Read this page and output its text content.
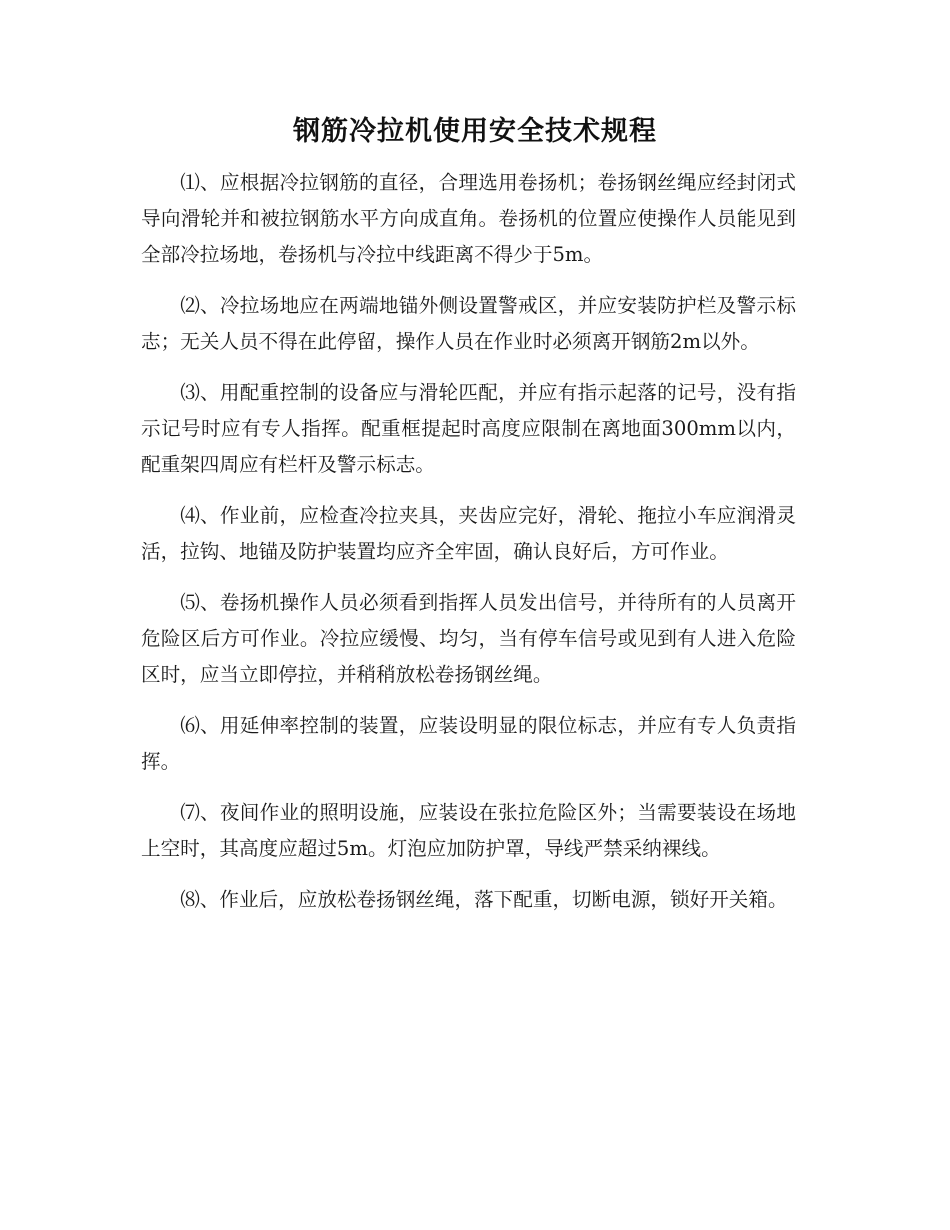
钢筋冷拉机使用安全技术规程

⑴、应根据冷拉钢筋的直径，合理选用卷扬机；卷扬钢丝绳应经封闭式导向滑轮并和被拉钢筋水平方向成直角。卷扬机的位置应使操作人员能见到全部冷拉场地，卷扬机与冷拉中线距离不得少于5m。

⑵、冷拉场地应在两端地锚外侧设置警戒区，并应安装防护栏及警示标志；无关人员不得在此停留，操作人员在作业时必须离开钢筋2m以外。

⑶、用配重控制的设备应与滑轮匹配，并应有指示起落的记号，没有指示记号时应有专人指挥。配重框提起时高度应限制在离地面300mm以内，配重架四周应有栏杆及警示标志。

⑷、作业前，应检查冷拉夹具，夹齿应完好，滑轮、拖拉小车应润滑灵活，拉钩、地锚及防护装置均应齐全牢固，确认良好后，方可作业。

⑸、卷扬机操作人员必须看到指挥人员发出信号，并待所有的人员离开危险区后方可作业。冷拉应缓慢、均匀，当有停车信号或见到有人进入危险区时，应当立即停拉，并稍稍放松卷扬钢丝绳。

⑹、用延伸率控制的装置，应装设明显的限位标志，并应有专人负责指挥。

⑺、夜间作业的照明设施，应装设在张拉危险区外；当需要装设在场地上空时，其高度应超过5m。灯泡应加防护罩，导线严禁采纳裸线。

⑻、作业后，应放松卷扬钢丝绳，落下配重，切断电源，锁好开关箱。
